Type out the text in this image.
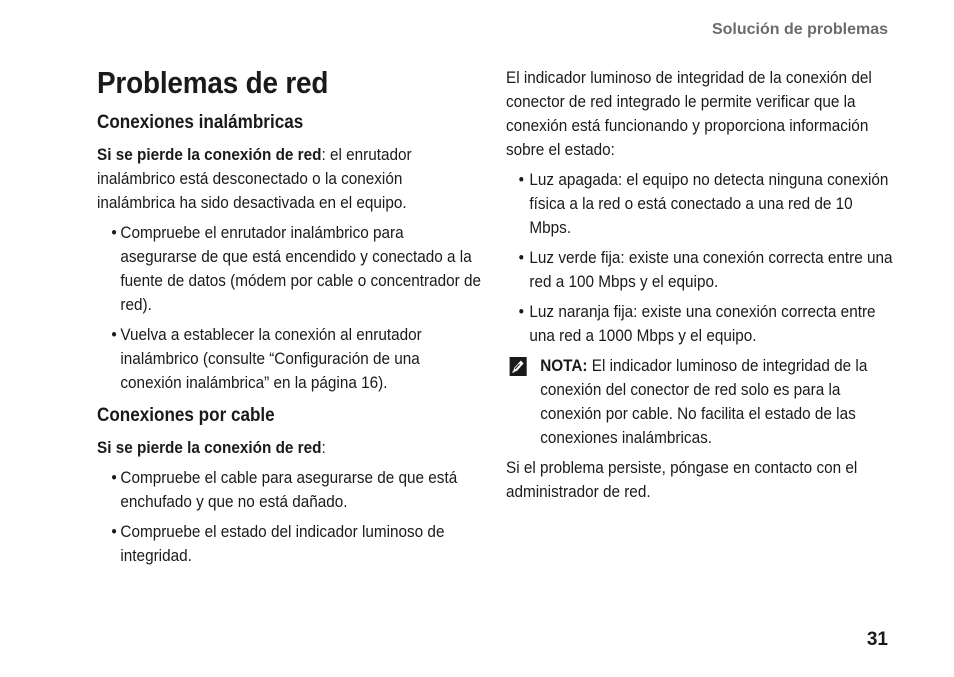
Solución de problemas
Problemas de red
Conexiones inalámbricas

Si se pierde la conexión de red: el enrutador inalámbrico está desconectado o la conexión inalámbrica ha sido desactivada en el equipo.

• Compruebe el enrutador inalámbrico para asegurarse de que está encendido y conectado a la fuente de datos (módem por cable o concentrador de red).
• Vuelva a establecer la conexión al enrutador inalámbrico (consulte “Configuración de una conexión inalámbrica” en la página 16).
Conexiones por cable

Si se pierde la conexión de red:

• Compruebe el cable para asegurarse de que está enchufado y que no está dañado.
• Compruebe el estado del indicador luminoso de integridad.

El indicador luminoso de integridad de la conexión del conector de red integrado le permite verificar que la conexión está funcionando y proporciona información sobre el estado:

• Luz apagada: el equipo no detecta ninguna conexión física a la red o está conectado a una red de 10 Mbps.
• Luz verde fija: existe una conexión correcta entre una red a 100 Mbps y el equipo.
• Luz naranja fija: existe una conexión correcta entre una red a 1000 Mbps y el equipo.

NOTA: El indicador luminoso de integridad de la conexión del conector de red solo es para la conexión por cable. No facilita el estado de las conexiones inalámbricas.

Si el problema persiste, póngase en contacto con el administrador de red.

31
